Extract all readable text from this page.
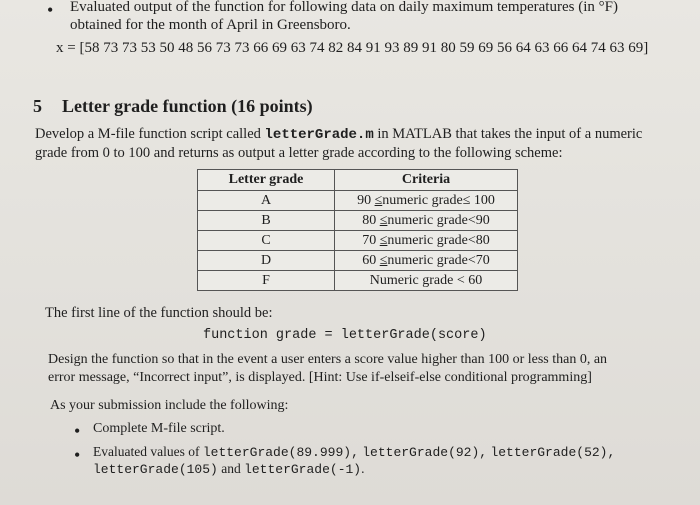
• Evaluated output of the function for following data on daily maximum temperatures (in °F)
obtained for the month of April in Greensboro.
x = [58 73 73 53 50 48 56 73 73 66 69 63 74 82 84 91 93 89 91 80 59 69 56 64 63 66 64 74 63 69]
5 Letter grade function (16 points)
Develop a M-file function script called letterGrade.m in MATLAB that takes the input of a numeric
grade from 0 to 100 and returns as output a letter grade according to the following scheme:
Letter grade	Criteria
A	90 ≤numeric grade≤ 100
B	80 ≤numeric grade<90
C	70 ≤numeric grade<80
D	60 ≤numeric grade<70
F	Numeric grade < 60
The first line of the function should be:
function grade = letterGrade(score)
Design the function so that in the event a user enters a score value higher than 100 or less than 0, an
error message, “Incorrect input”, is displayed. [Hint: Use if-elseif-else conditional programming]
As your submission include the following:
• Complete M-file script.
• Evaluated values of letterGrade(89.999), letterGrade(92), letterGrade(52),
letterGrade(105) and letterGrade(-1).
